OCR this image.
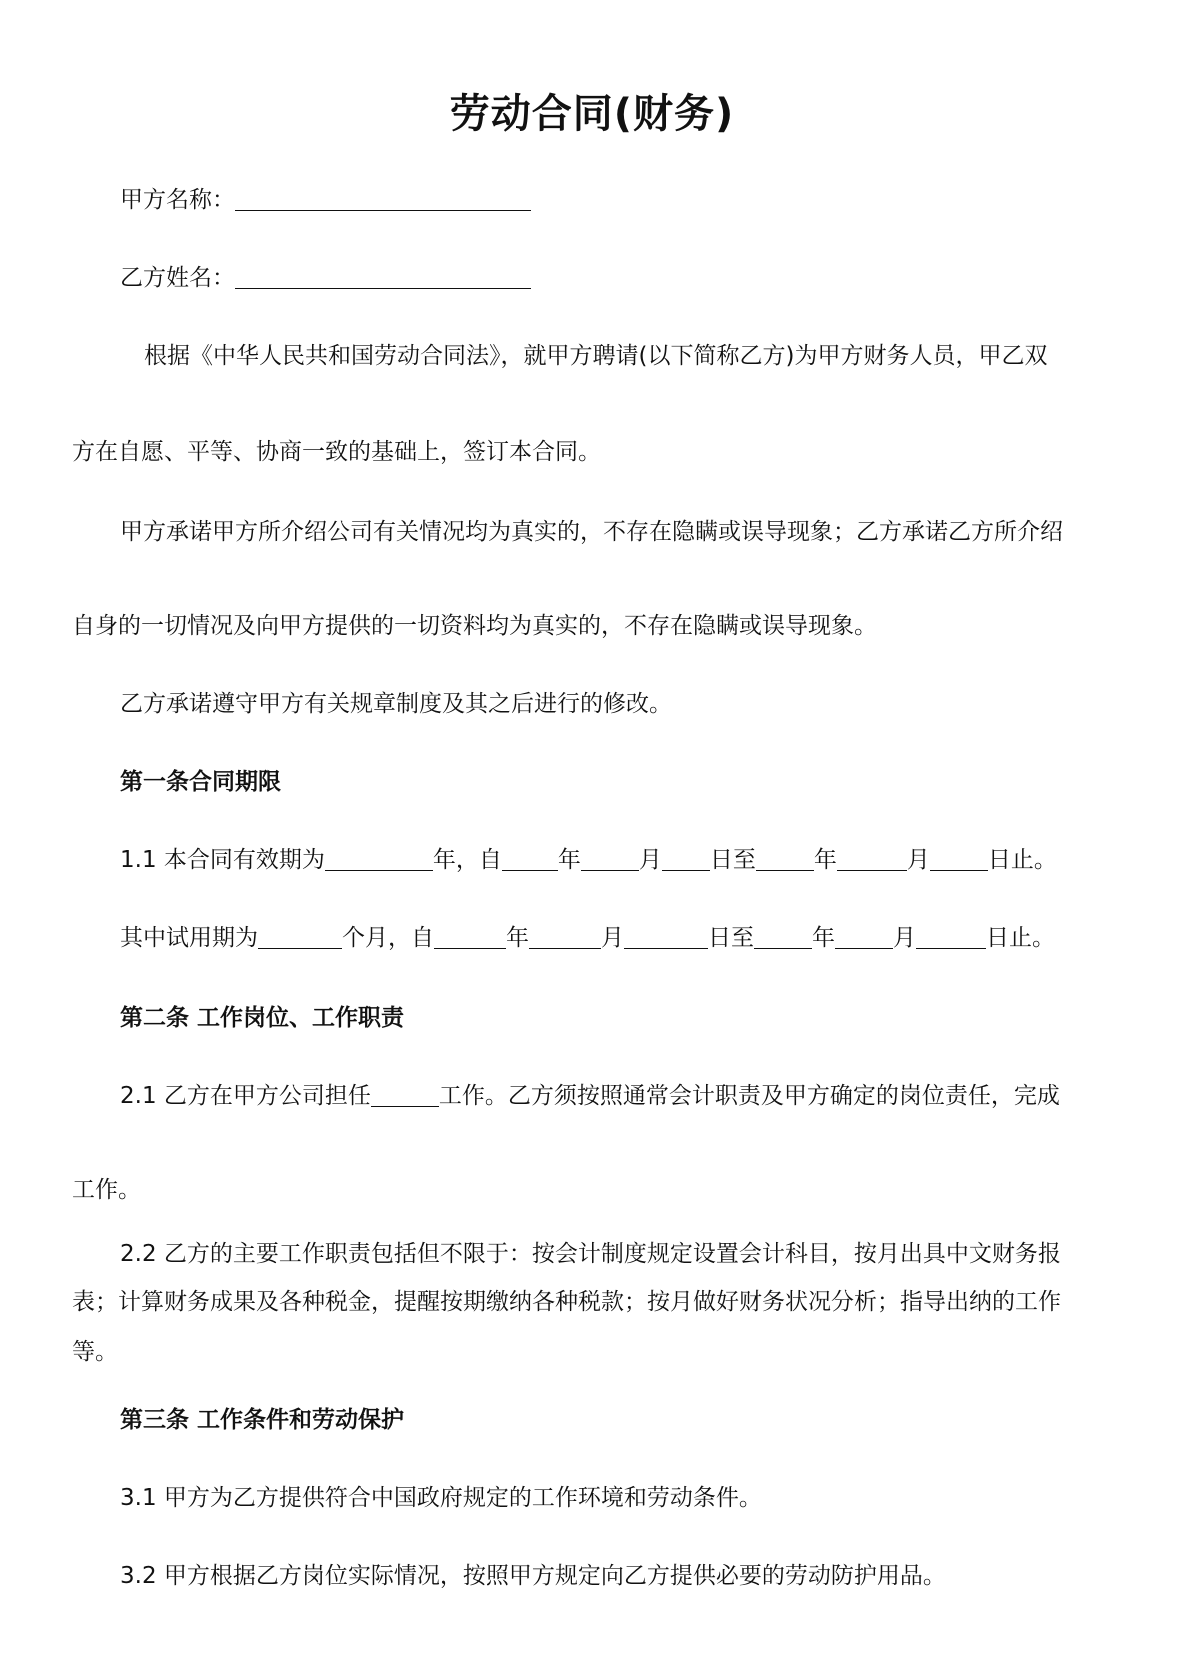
劳动合同(财务)
甲方名称：
乙方姓名：
根据《中华人民共和国劳动合同法》，就甲方聘请(以下简称乙方)为甲方财务人员，甲乙双
方在自愿、平等、协商一致的基础上，签订本合同。
甲方承诺甲方所介绍公司有关情况均为真实的，不存在隐瞒或误导现象；乙方承诺乙方所介绍
自身的一切情况及向甲方提供的一切资料均为真实的，不存在隐瞒或误导现象。
乙方承诺遵守甲方有关规章制度及其之后进行的修改。
第一条合同期限
1.1 本合同有效期为	年，自 年	月 日至	年	月	日止。
其中试用期为	个月，自	年	月	日至	年	月	日止。
第二条 工作岗位、工作职责
2.1 乙方在甲方公司担任	工作。乙方须按照通常会计职责及甲方确定的岗位责任，完成
工作。
2.2 乙方的主要工作职责包括但不限于：按会计制度规定设置会计科目，按月出具中文财务报
表；计算财务成果及各种税金，提醒按期缴纳各种税款；按月做好财务状况分析；指导出纳的工作
等。
第三条 工作条件和劳动保护
3.1 甲方为乙方提供符合中国政府规定的工作环境和劳动条件。
3.2 甲方根据乙方岗位实际情况，按照甲方规定向乙方提供必要的劳动防护用品。
